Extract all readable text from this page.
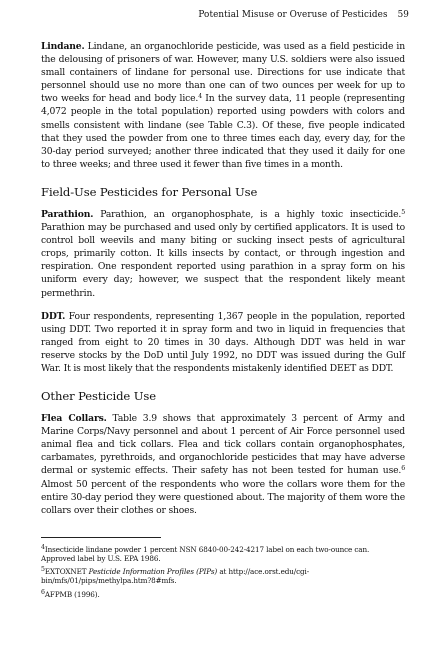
Potential Misuse or Overuse of Pesticides 59

Lindane. Lindane, an organochloride pesticide, was used as a field pesticide in the delousing of prisoners of war. However, many U.S. soldiers were also issued small containers of lindane for personal use. Directions for use indicate that personnel should use no more than one can of two ounces per week for up to two weeks for head and body lice.$^4$ In the survey data, 11 people (representing 4,072 people in the total population) reported using powders with colors and smells consistent with lindane (see Table C.3). Of these, five people indicated that they used the powder from one to three times each day, every day, for the 30-day period surveyed; another three indicated that they used it daily for one to three weeks; and three used it fewer than five times in a month.

Field-Use Pesticides for Personal Use

Parathion. Parathion, an organophosphate, is a highly toxic insecticide.$^5$ Parathion may be purchased and used only by certified applicators. It is used to control boll weevils and many biting or sucking insect pests of agricultural crops, primarily cotton. It kills insects by contact, or through ingestion and respiration. One respondent reported using parathion in a spray form on his uniform every day; however, we suspect that the respondent likely meant permethrin.

DDT. Four respondents, representing 1,367 people in the population, reported using DDT. Two reported it in spray form and two in liquid in frequencies that ranged from eight to 20 times in 30 days. Although DDT was held in war reserve stocks by the DoD until July 1992, no DDT was issued during the Gulf War. It is most likely that the respondents mistakenly identified DEET as DDT.

Other Pesticide Use

Flea Collars. Table 3.9 shows that approximately 3 percent of Army and Marine Corps/Navy personnel and about 1 percent of Air Force personnel used animal flea and tick collars. Flea and tick collars contain organophosphates, carbamates, pyrethroids, and organochloride pesticides that may have adverse dermal or systemic effects. Their safety has not been tested for human use.$^6$ Almost 50 percent of the respondents who wore the collars wore them for the entire 30-day period they were questioned about. The majority of them wore the collars over their clothes or shoes.

$^4$Insecticide lindane powder 1 percent NSN 6840-00-242-4217 label on each two-ounce can. Approved label by U.S. EPA 1986.

$^5$EXTOXNET Pesticide Information Profiles (PIPs) at http://ace.orst.edu/cgi-bin/mfs/01/pips/methylpa.htm?8#mfs.

$^6$AFPMB (1996).
